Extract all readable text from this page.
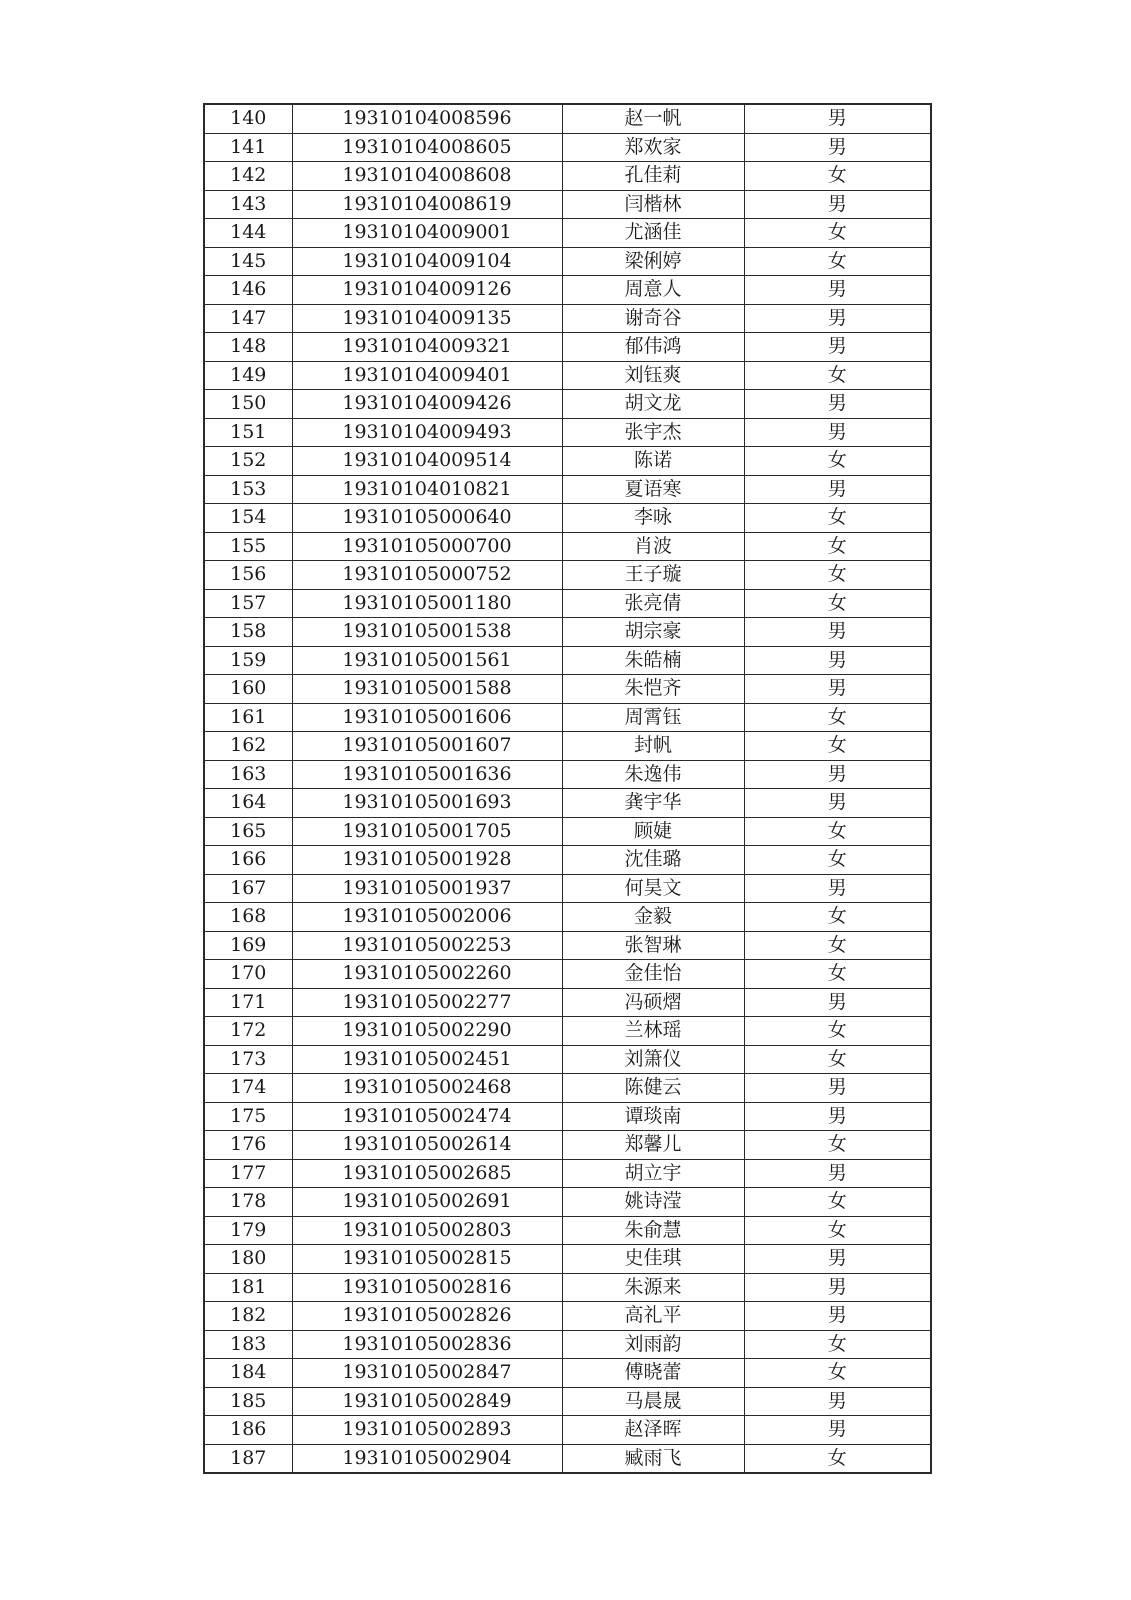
140	19310104008596	赵一帆	男
141	19310104008605	郑欢家	男
142	19310104008608	孔佳莉	女
143	19310104008619	闫楷林	男
144	19310104009001	尤涵佳	女
145	19310104009104	梁俐婷	女
146	19310104009126	周意人	男
147	19310104009135	谢奇谷	男
148	19310104009321	郁伟鸿	男
149	19310104009401	刘钰爽	女
150	19310104009426	胡文龙	男
151	19310104009493	张宇杰	男
152	19310104009514	陈诺	女
153	19310104010821	夏语寒	男
154	19310105000640	李咏	女
155	19310105000700	肖波	女
156	19310105000752	王子璇	女
157	19310105001180	张亮倩	女
158	19310105001538	胡宗豪	男
159	19310105001561	朱皓楠	男
160	19310105001588	朱恺齐	男
161	19310105001606	周霄钰	女
162	19310105001607	封帆	女
163	19310105001636	朱逸伟	男
164	19310105001693	龚宇华	男
165	19310105001705	顾婕	女
166	19310105001928	沈佳璐	女
167	19310105001937	何昊文	男
168	19310105002006	金毅	女
169	19310105002253	张智琳	女
170	19310105002260	金佳怡	女
171	19310105002277	冯硕熠	男
172	19310105002290	兰林瑶	女
173	19310105002451	刘箫仪	女
174	19310105002468	陈健云	男
175	19310105002474	谭琰南	男
176	19310105002614	郑馨儿	女
177	19310105002685	胡立宇	男
178	19310105002691	姚诗滢	女
179	19310105002803	朱俞慧	女
180	19310105002815	史佳琪	男
181	19310105002816	朱源来	男
182	19310105002826	高礼平	男
183	19310105002836	刘雨韵	女
184	19310105002847	傅晓蕾	女
185	19310105002849	马晨晟	男
186	19310105002893	赵泽晖	男
187	19310105002904	臧雨飞	女
